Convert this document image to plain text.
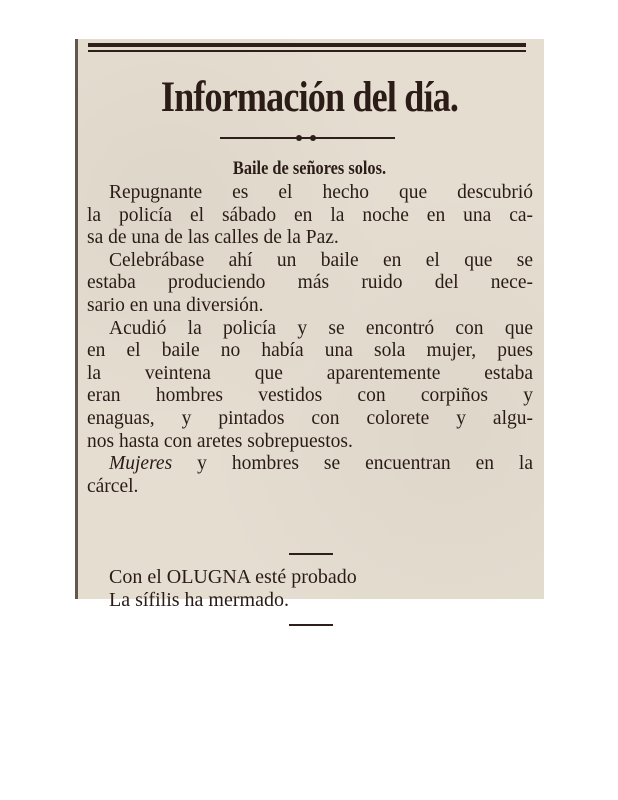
Información del día.
Baile de señores solos.
Repugnante es el hecho que descubrió
la policía el sábado en la noche en una ca-
sa de una de las calles de la Paz.
Celebrábase ahí un baile en el que se
estaba produciendo más ruido del nece-
sario en una diversión.
Acudió la policía y se encontró con que
en el baile no había una sola mujer, pues
la veintena que aparentemente estaba
eran hombres vestidos con corpiños y
enaguas, y pintados con colorete y algu-
nos hasta con aretes sobrepuestos.
Mujeres y hombres se encuentran en la
cárcel.
Con el OLUGNA esté probado
La sífilis ha mermado.
